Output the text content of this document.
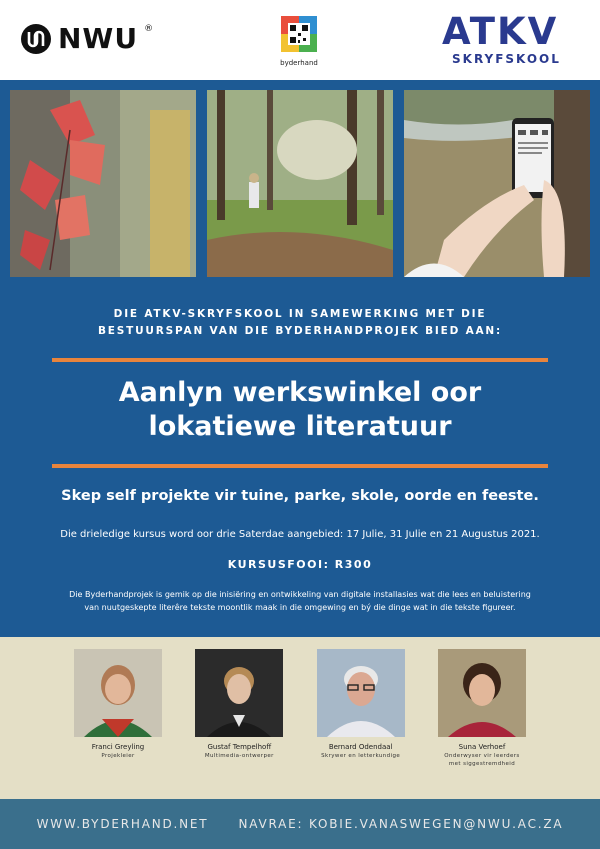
NWU ®
byderhand
ATKV
SKRYFSKOOL
DIE ATKV-SKRYFSKOOL IN SAMEWERKING MET DIE
BESTUURSPAN VAN DIE BYDERHANDPROJEK BIED AAN:
Aanlyn werkswinkel oor
lokatiewe literatuur
Skep self projekte vir tuine, parke, skole, oorde en feeste.
Die drieledige kursus word oor drie Saterdae aangebied: 17 Julie, 31 Julie en 21 Augustus 2021.
KURSUSFOOI: R300
Die Byderhandprojek is gemik op die inisiëring en ontwikkeling van digitale installasies wat die lees en beluistering
van nuutgeskepte literêre tekste moontlik maak in die omgewing en bý die dinge wat in die tekste figureer.
Franci Greyling
Projekleier
Gustaf Tempelhoff
Multimedia-ontwerper
Bernard Odendaal
Skrywer en letterkundige
Suna Verhoef
Onderwyser vir leerders
met siggestremdheid
WWW.BYDERHAND.NET	NAVRAE: KOBIE.VANASWEGEN@NWU.AC.ZA
